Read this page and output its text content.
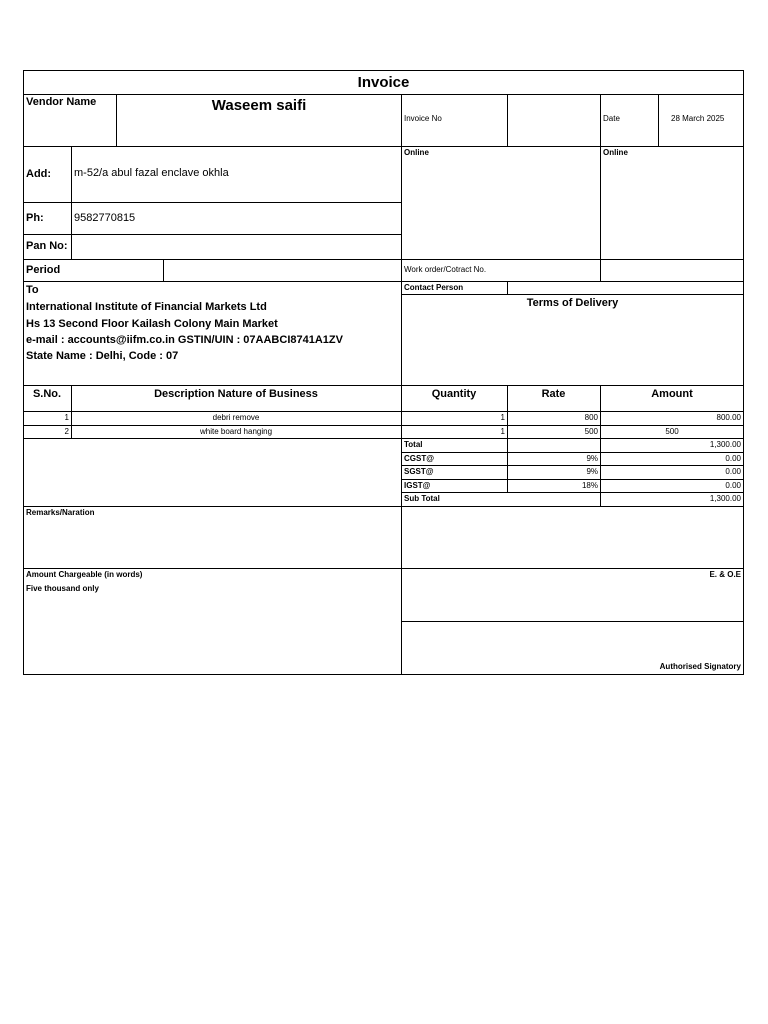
Invoice
Vendor Name	Waseem saifi
Invoice No	Date	28 March 2025
Add: m-52/a abul fazal enclave okhla
Online	Online
Ph:	9582770815
Pan No:
Period	Work order/Cotract No.
Contact Person
Terms of Delivery
To
International Institute of Financial Markets Ltd
Hs 13 Second Floor Kailash Colony Main Market
e-mail : accounts@iifm.co.in GSTIN/UIN : 07AABCI8741A1ZV
State Name : Delhi, Code : 07
S.No.	Description Nature of Business	Quantity	Rate	Amount
1	debri remove	1	800	800.00
2	white board hanging	1	500	500
Total	1,300.00
CGST@	9%	0.00
SGST@	9%	0.00
IGST@	18%	0.00
Sub Total	1,300.00
Remarks/Naration
Amount Chargeable (in words)
Five thousand only
E. & O.E
Authorised Signatory
